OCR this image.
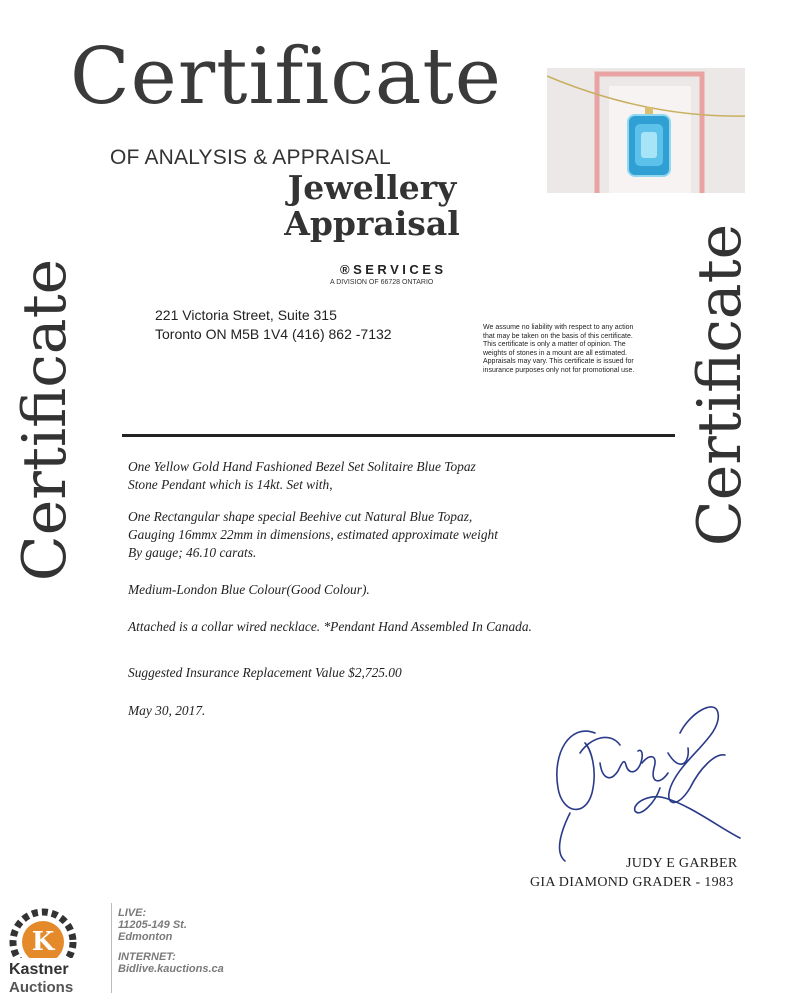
Certificate
Certificate	Certificate
OF ANALYSIS & APPRAISAL
Jewellery
Appraisal
®SERVICES
A DIVISION OF 66728 ONTARIO
221 Victoria Street, Suite 315
Toronto ON M5B 1V4 (416) 862 -7132	We assume no liability with respect to any action that may be taken on the basis of this certificate. This certificate is only a matter of opinion. The weights of stones in a mount are all estimated. Appraisals may vary. This certificate is issued for insurance purposes only not for promotional use.

One Yellow Gold Hand Fashioned Bezel Set Solitaire Blue Topaz
Stone Pendant which is 14kt. Set with,

One Rectangular shape special Beehive cut Natural Blue Topaz,
Gauging 16mmx 22mm in dimensions, estimated approximate weight
By gauge; 46.10 carats.

Medium-London Blue Colour(Good Colour).

Attached is a collar wired necklace. *Pendant Hand Assembled In Canada.

Suggested Insurance Replacement Value $2,725.00

May 30, 2017.

JUDY E GARBER
GIA DIAMOND GRADER - 1983
K
Kastner
Auctions
LIVE:
11205-149 St.
Edmonton
INTERNET:
Bidlive.kauctions.ca
